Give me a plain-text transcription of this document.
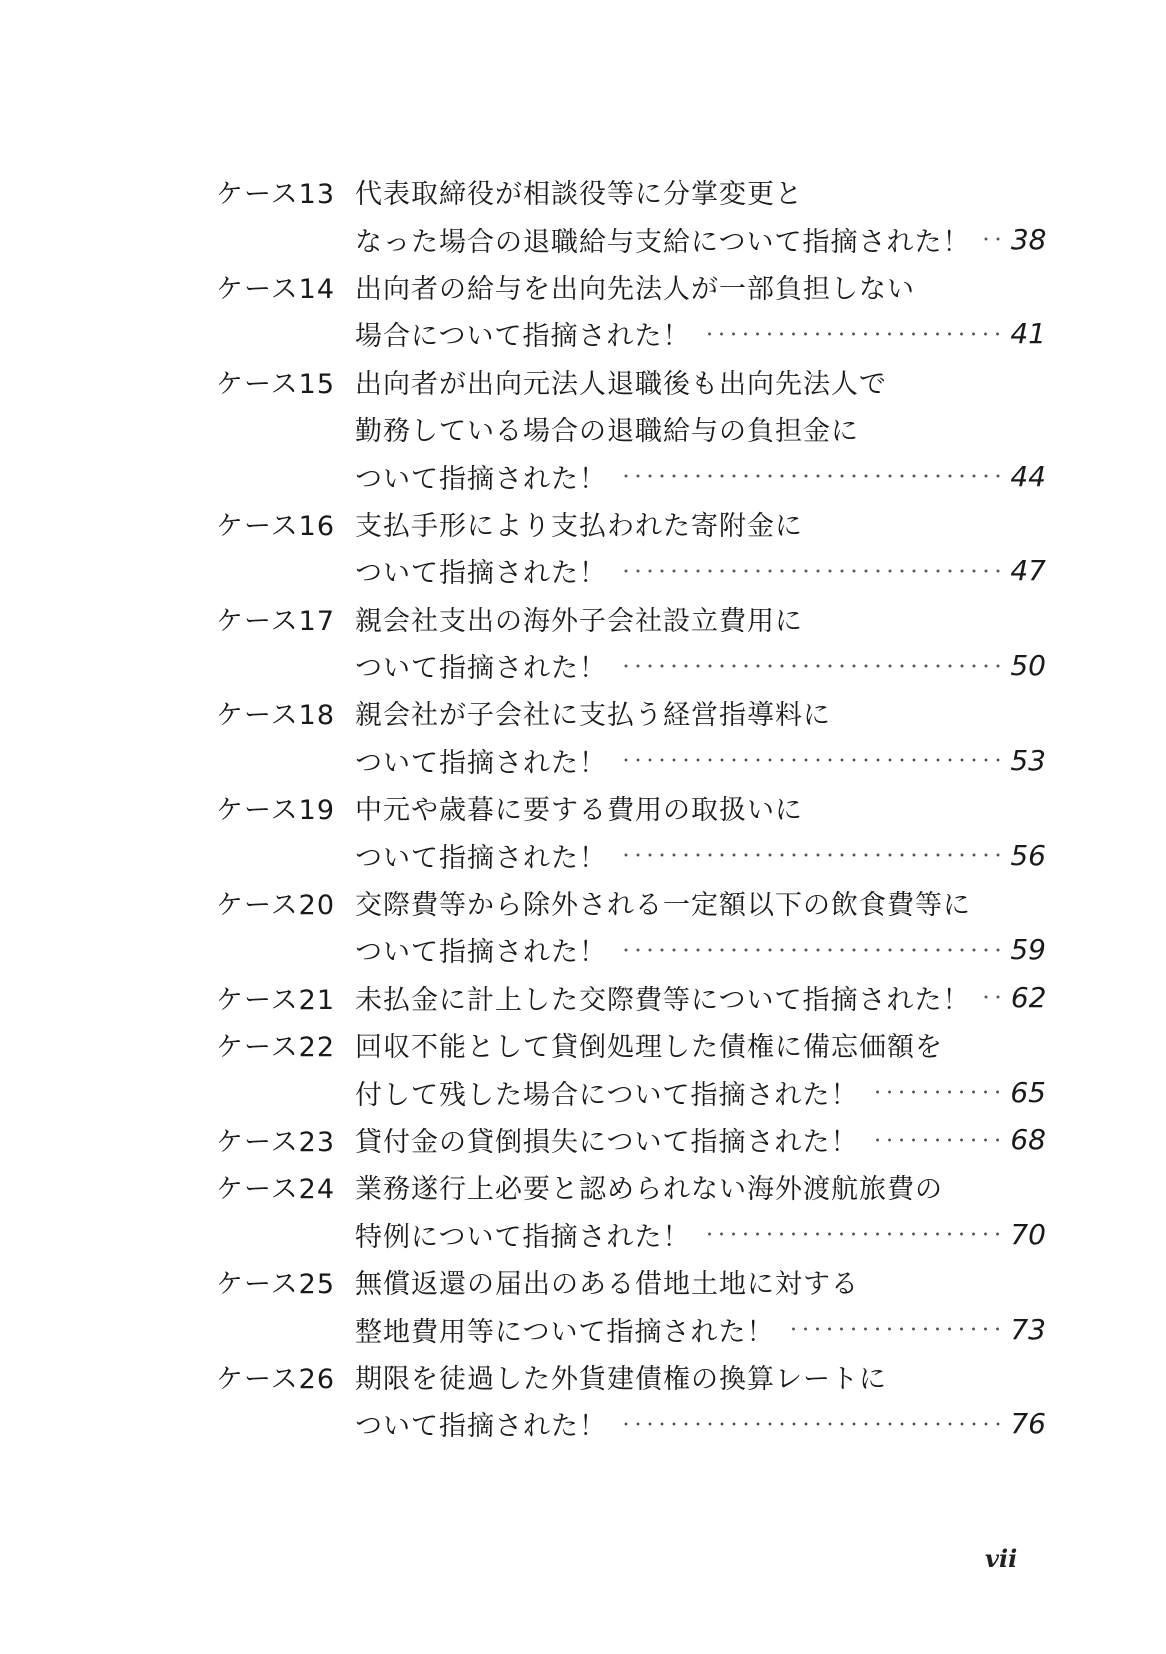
ケース13 代表取締役が相談役等に分掌変更と
なった場合の退職給与支給について指摘された！ 38
ケース14 出向者の給与を出向先法人が一部負担しない
場合について指摘された！	41
ケース15 出向者が出向元法人退職後も出向先法人で
勤務している場合の退職給与の負担金に
ついて指摘された！	44
ケース16 支払手形により支払われた寄附金に
ついて指摘された！	47
ケース17 親会社支出の海外子会社設立費用に
ついて指摘された！	50
ケース18 親会社が子会社に支払う経営指導料に
ついて指摘された！	53
ケース19 中元や歳暮に要する費用の取扱いに
ついて指摘された！	56
ケース20 交際費等から除外される一定額以下の飲食費等に
ついて指摘された！	59
ケース21 未払金に計上した交際費等について指摘された！ 62
ケース22 回収不能として貸倒処理した債権に備忘価額を
付して残した場合について指摘された！	65
ケース23 貸付金の貸倒損失について指摘された！	68
ケース24 業務遂行上必要と認められない海外渡航旅費の
特例について指摘された！	70
ケース25 無償返還の届出のある借地土地に対する
整地費用等について指摘された！	73
ケース26 期限を徒過した外貨建債権の換算レートに
ついて指摘された！	76
vii
